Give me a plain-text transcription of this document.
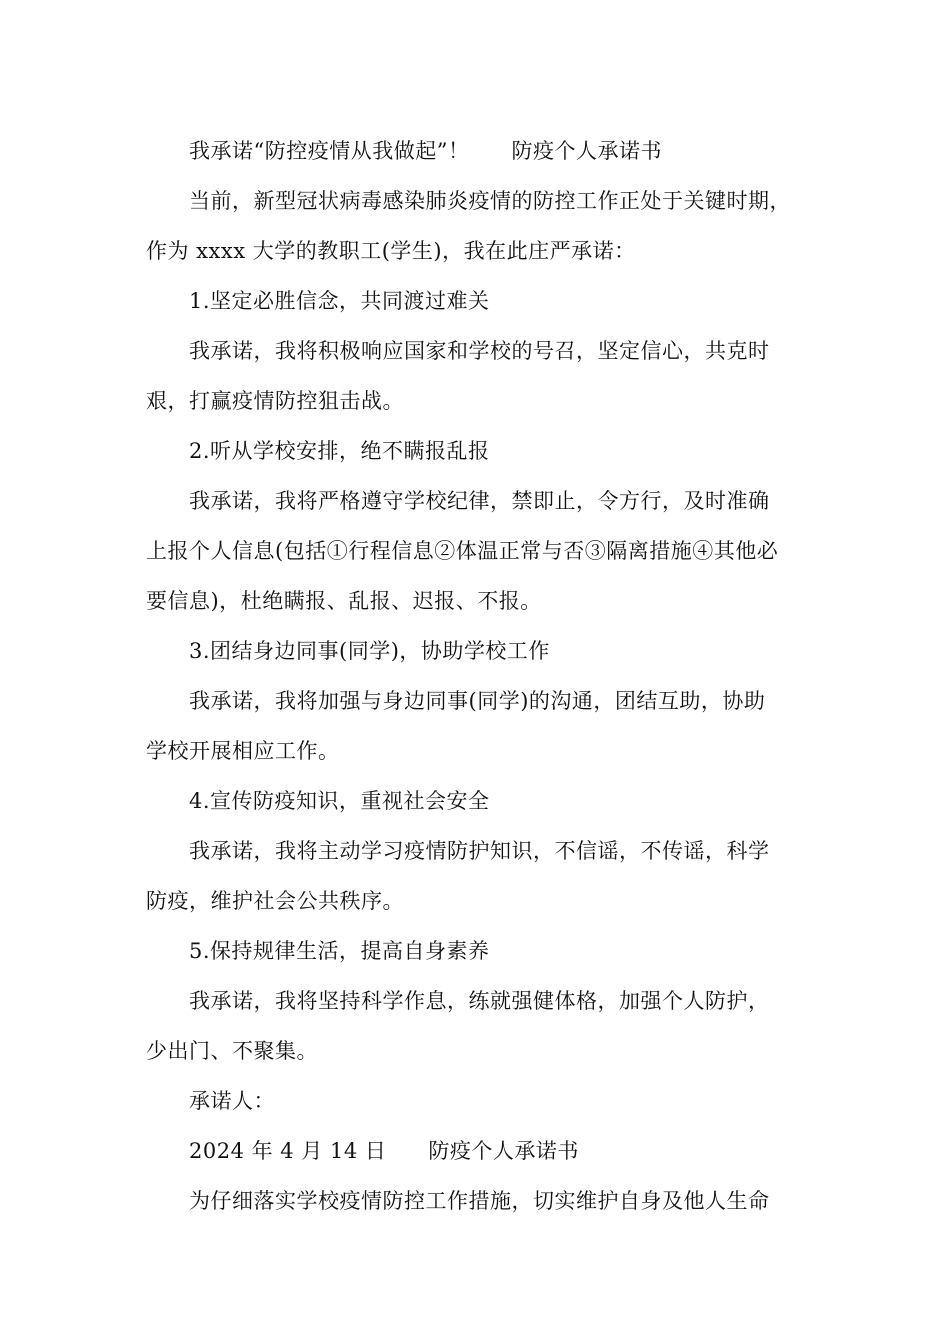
我承诺“防控疫情从我做起”！ 防疫个人承诺书
当前，新型冠状病毒感染肺炎疫情的防控工作正处于关键时期，
作为 xxxx 大学的教职工(学生)，我在此庄严承诺：
1.坚定必胜信念，共同渡过难关
我承诺，我将积极响应国家和学校的号召，坚定信心，共克时
艰，打赢疫情防控狙击战。
2.听从学校安排，绝不瞒报乱报
我承诺，我将严格遵守学校纪律，禁即止，令方行，及时准确
上报个人信息(包括①行程信息②体温正常与否③隔离措施④其他必
要信息)，杜绝瞒报、乱报、迟报、不报。
3.团结身边同事(同学)，协助学校工作
我承诺，我将加强与身边同事(同学)的沟通，团结互助，协助
学校开展相应工作。
4.宣传防疫知识，重视社会安全
我承诺，我将主动学习疫情防护知识，不信谣，不传谣，科学
防疫，维护社会公共秩序。
5.保持规律生活，提高自身素养
我承诺，我将坚持科学作息，练就强健体格，加强个人防护，
少出门、不聚集。
承诺人：
2024 年 4 月 14 日 防疫个人承诺书
为仔细落实学校疫情防控工作措施，切实维护自身及他人生命
